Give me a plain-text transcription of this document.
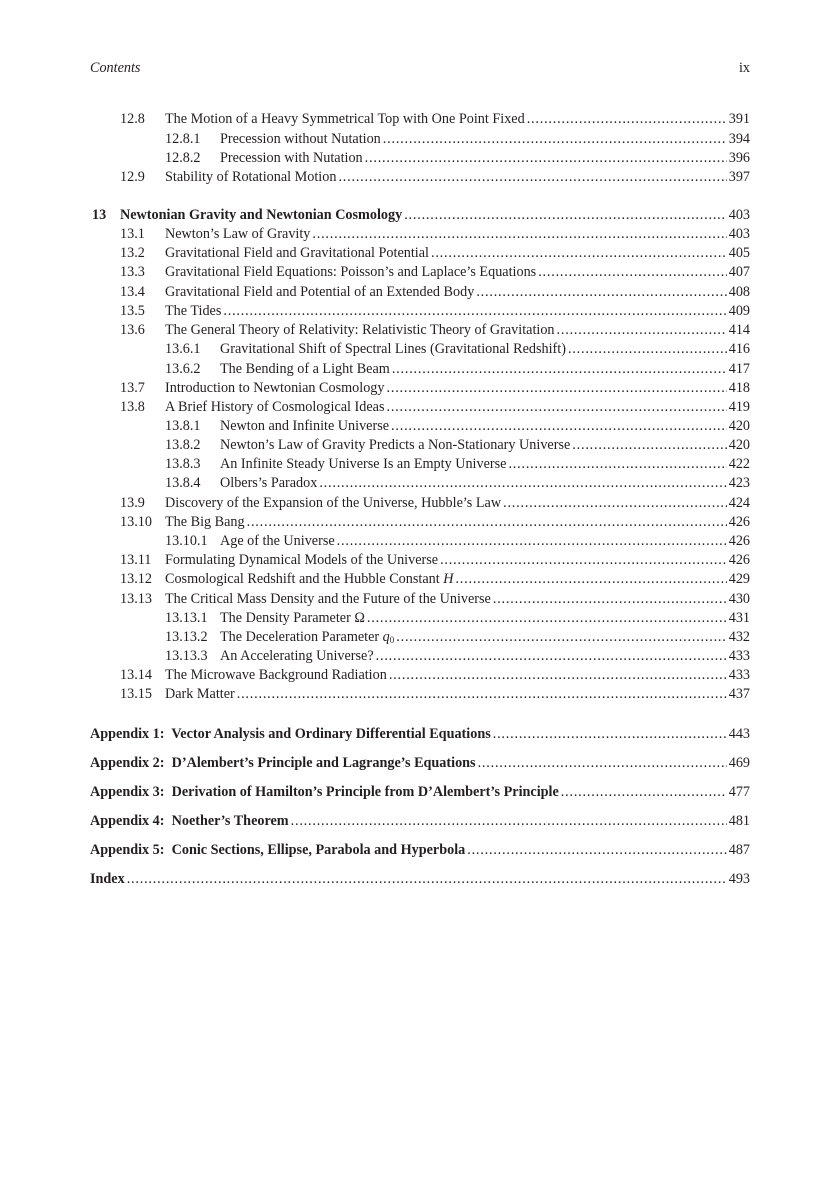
Contents	ix
12.8	The Motion of a Heavy Symmetrical Top with One Point Fixed .....	391
12.8.1	Precession without Nutation .....	394
12.8.2	Precession with Nutation .....	396
12.9	Stability of Rotational Motion .....	397
13 Newtonian Gravity and Newtonian Cosmology .....	403
13.1	Newton’s Law of Gravity .....	403
13.2	Gravitational Field and Gravitational Potential .....	405
13.3	Gravitational Field Equations: Poisson’s and Laplace’s Equations .....	407
13.4	Gravitational Field and Potential of an Extended Body .....	408
13.5	The Tides .....	409
13.6	The General Theory of Relativity: Relativistic Theory of Gravitation .....	414
13.6.1	Gravitational Shift of Spectral Lines (Gravitational Redshift) .....	416
13.6.2	The Bending of a Light Beam .....	417
13.7	Introduction to Newtonian Cosmology .....	418
13.8	A Brief History of Cosmological Ideas .....	419
13.8.1	Newton and Infinite Universe .....	420
13.8.2	Newton’s Law of Gravity Predicts a Non-Stationary Universe .....	420
13.8.3	An Infinite Steady Universe Is an Empty Universe .....	422
13.8.4	Olbers’s Paradox .....	423
13.9	Discovery of the Expansion of the Universe, Hubble’s Law .....	424
13.10 The Big Bang .....	426
13.10.1 Age of the Universe .....	426
13.11 Formulating Dynamical Models of the Universe .....	426
13.12 Cosmological Redshift and the Hubble Constant H .....	429
13.13 The Critical Mass Density and the Future of the Universe .....	430
13.13.1 The Density Parameter Ω .....	431
13.13.2 The Deceleration Parameter $q_0$ .....	432
13.13.3 An Accelerating Universe? .....	433
13.14 The Microwave Background Radiation .....	433
13.15 Dark Matter .....	437
Appendix 1:  Vector Analysis and Ordinary Differential Equations .....	443
Appendix 2:  D’Alembert’s Principle and Lagrange’s Equations .....	469
Appendix 3:  Derivation of Hamilton’s Principle from D’Alembert’s Principle .....	477
Appendix 4:  Noether’s Theorem .....	481
Appendix 5:  Conic Sections, Ellipse, Parabola and Hyperbola .....	487
Index .....	493
